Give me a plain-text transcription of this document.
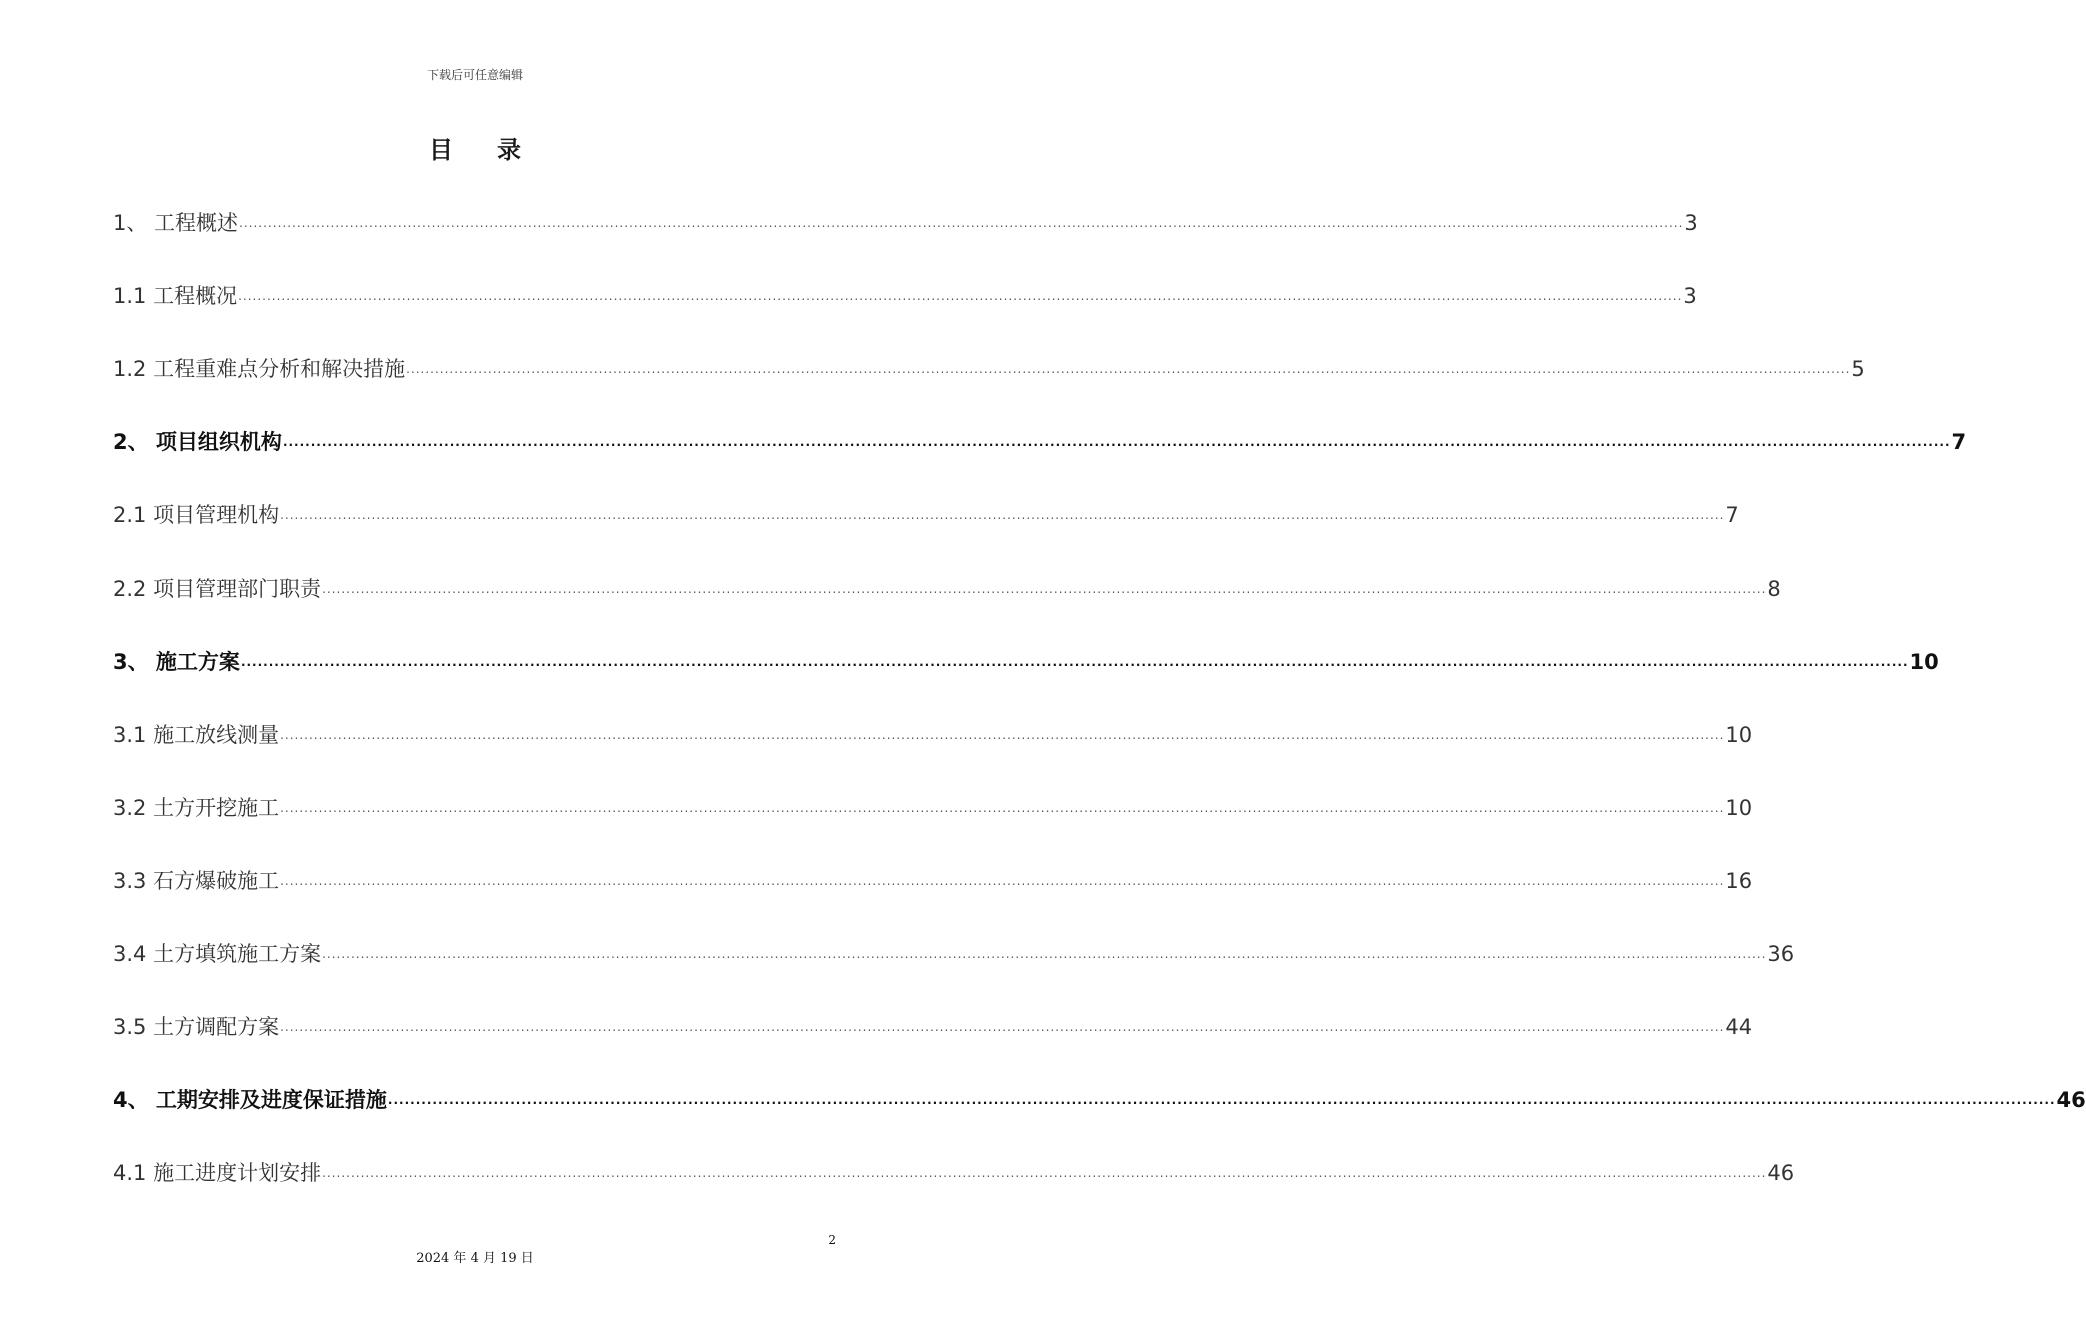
下载后可任意编辑
目录
1、 工程概述 ............................................................................................................................................................................................................................................................................................................ 3
1.1 工程概况 ............................................................................................................................................................................................................................................................................................................ 3
1.2 工程重难点分析和解决措施 ............................................................................................................................................................................................................................................................................................................ 5
2、 项目组织机构 ............................................................................................................................................................................................................................................................................................................ 7
2.1 项目管理机构 ............................................................................................................................................................................................................................................................................................................ 7
2.2 项目管理部门职责 ............................................................................................................................................................................................................................................................................................................ 8
3、 施工方案 ............................................................................................................................................................................................................................................................................................................ 10
3.1 施工放线测量 ............................................................................................................................................................................................................................................................................................................ 10
3.2 土方开挖施工 ............................................................................................................................................................................................................................................................................................................ 10
3.3 石方爆破施工 ............................................................................................................................................................................................................................................................................................................ 16
3.4 土方填筑施工方案 ............................................................................................................................................................................................................................................................................................................ 36
3.5 土方调配方案 ............................................................................................................................................................................................................................................................................................................ 44
4、 工期安排及进度保证措施 ............................................................................................................................................................................................................................................................................................................ 46
4.1 施工进度计划安排 ............................................................................................................................................................................................................................................................................................................ 46
2
2024 年 4 月 19 日
